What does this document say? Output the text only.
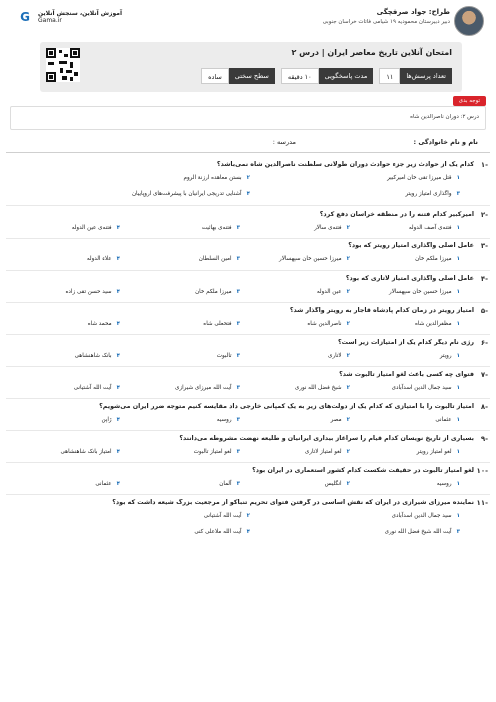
طراح: جواد صرفچگی
دبیر دبیرستان محمودیه ۱۹ شیامی فاتات خراسان جنوبی
G	آموزش آنلاین، سنجش آنلاین
Gama.ir
امتحان آنلاین تاریخ معاصر ایران | درس ۲
تعداد پرسش‌ها
۱۱
مدت پاسخگویی
۱۰ دقیقه
سطح سختی
ساده
توجه بدی
درس ۲: دوران ناصرالدین شاه
نام و نام خانوادگی :
مدرسه :
-۱
کدام یک از حوادث زیر جزء حوادث دوران طولانی سلطنت ناصرالدین شاه نمی‌باشد؟
۱قتل میرزا تقی خان امیرکبیر
۲بستن معاهده ارزنة الروم
۳واگذاری امتیاز رویتر
۴آشنایی تدریجی ایرانیان با پیشرفت‌های اروپاییان
-۲
امیرکبیر کدام فتنه را در منطقه خراسان دفع کرد؟
۱فتنه‌ی آصف الدوله
۲فتنه‌ی سالار
۳فتنه‌ی بهائیت
۴فتنه‌ی عین الدوله
-۳
عامل اصلی واگذاری امتیاز رویتر که بود؟
۱میرزا ملکم خان
۲میرزا حسین خان سپهسالار
۳امین السلطان
۴علاء الدوله
-۴
عامل اصلی واگذاری امتیاز لاتاری که بود؟
۱میرزا حسین خان سپهسالار
۲عین الدوله
۳میرزا ملکم خان
۴سید حسن تقی زاده
-۵
امتیاز رویتر در زمان کدام پادشاه قاجار به رویتر واگذار شد؟
۱مظفرالدین شاه
۲ناصرالدین شاه
۳فتحعلی شاه
۴محمد شاه
-۶
رژی نام دیگر کدام یک از امتیازات زیر است؟
۱رویتر
۲لاتاری
۳تالبوت
۴بانک شاهنشاهی
-۷
فتوای چه کسی باعث لغو امتیاز تالبوت شد؟
۱سید جمال الدین اسدآبادی
۲شیخ فضل الله نوری
۳آیت الله میرزای شیرازی
۴آیت الله آشتیانی
-۸
امتیاز تالبوت را با امتیازی که کدام یک از دولت‌های زیر به یک کمپانی خارجی داد مقایسه کنیم متوجه ضرر ایران می‌شویم؟
۱عثمانی
۲مصر
۳روسیه
۴ژاپن
-۹
بسیاری از تاریخ نویسان کدام قیام را سرآغاز بیداری ایرانیان و طلیعه نهضت مشروطه می‌دانند؟
۱لغو امتیاز رویتر
۲لغو امتیاز لاتاری
۳لغو امتیاز تالبوت
۴امتیاز بانک شاهنشاهی
-۱۰
لغو امتیاز تالبوت در حقیقت شکست کدام کشور استعماری در ایران بود؟
۱روسیه
۲انگلیس
۳آلمان
۴عثمانی
-۱۱
نماینده میرزای شیرازی در ایران که نقش اساسی در گرفتن فتوای تحریم تنباکو از مرجعیت بزرگ شیعه داشت که بود؟
۱سید جمال الدین اسدآبادی
۲آیت الله آشتیانی
۳آیت الله شیخ فضل الله نوری
۴آیت الله ملاعلی کنی
